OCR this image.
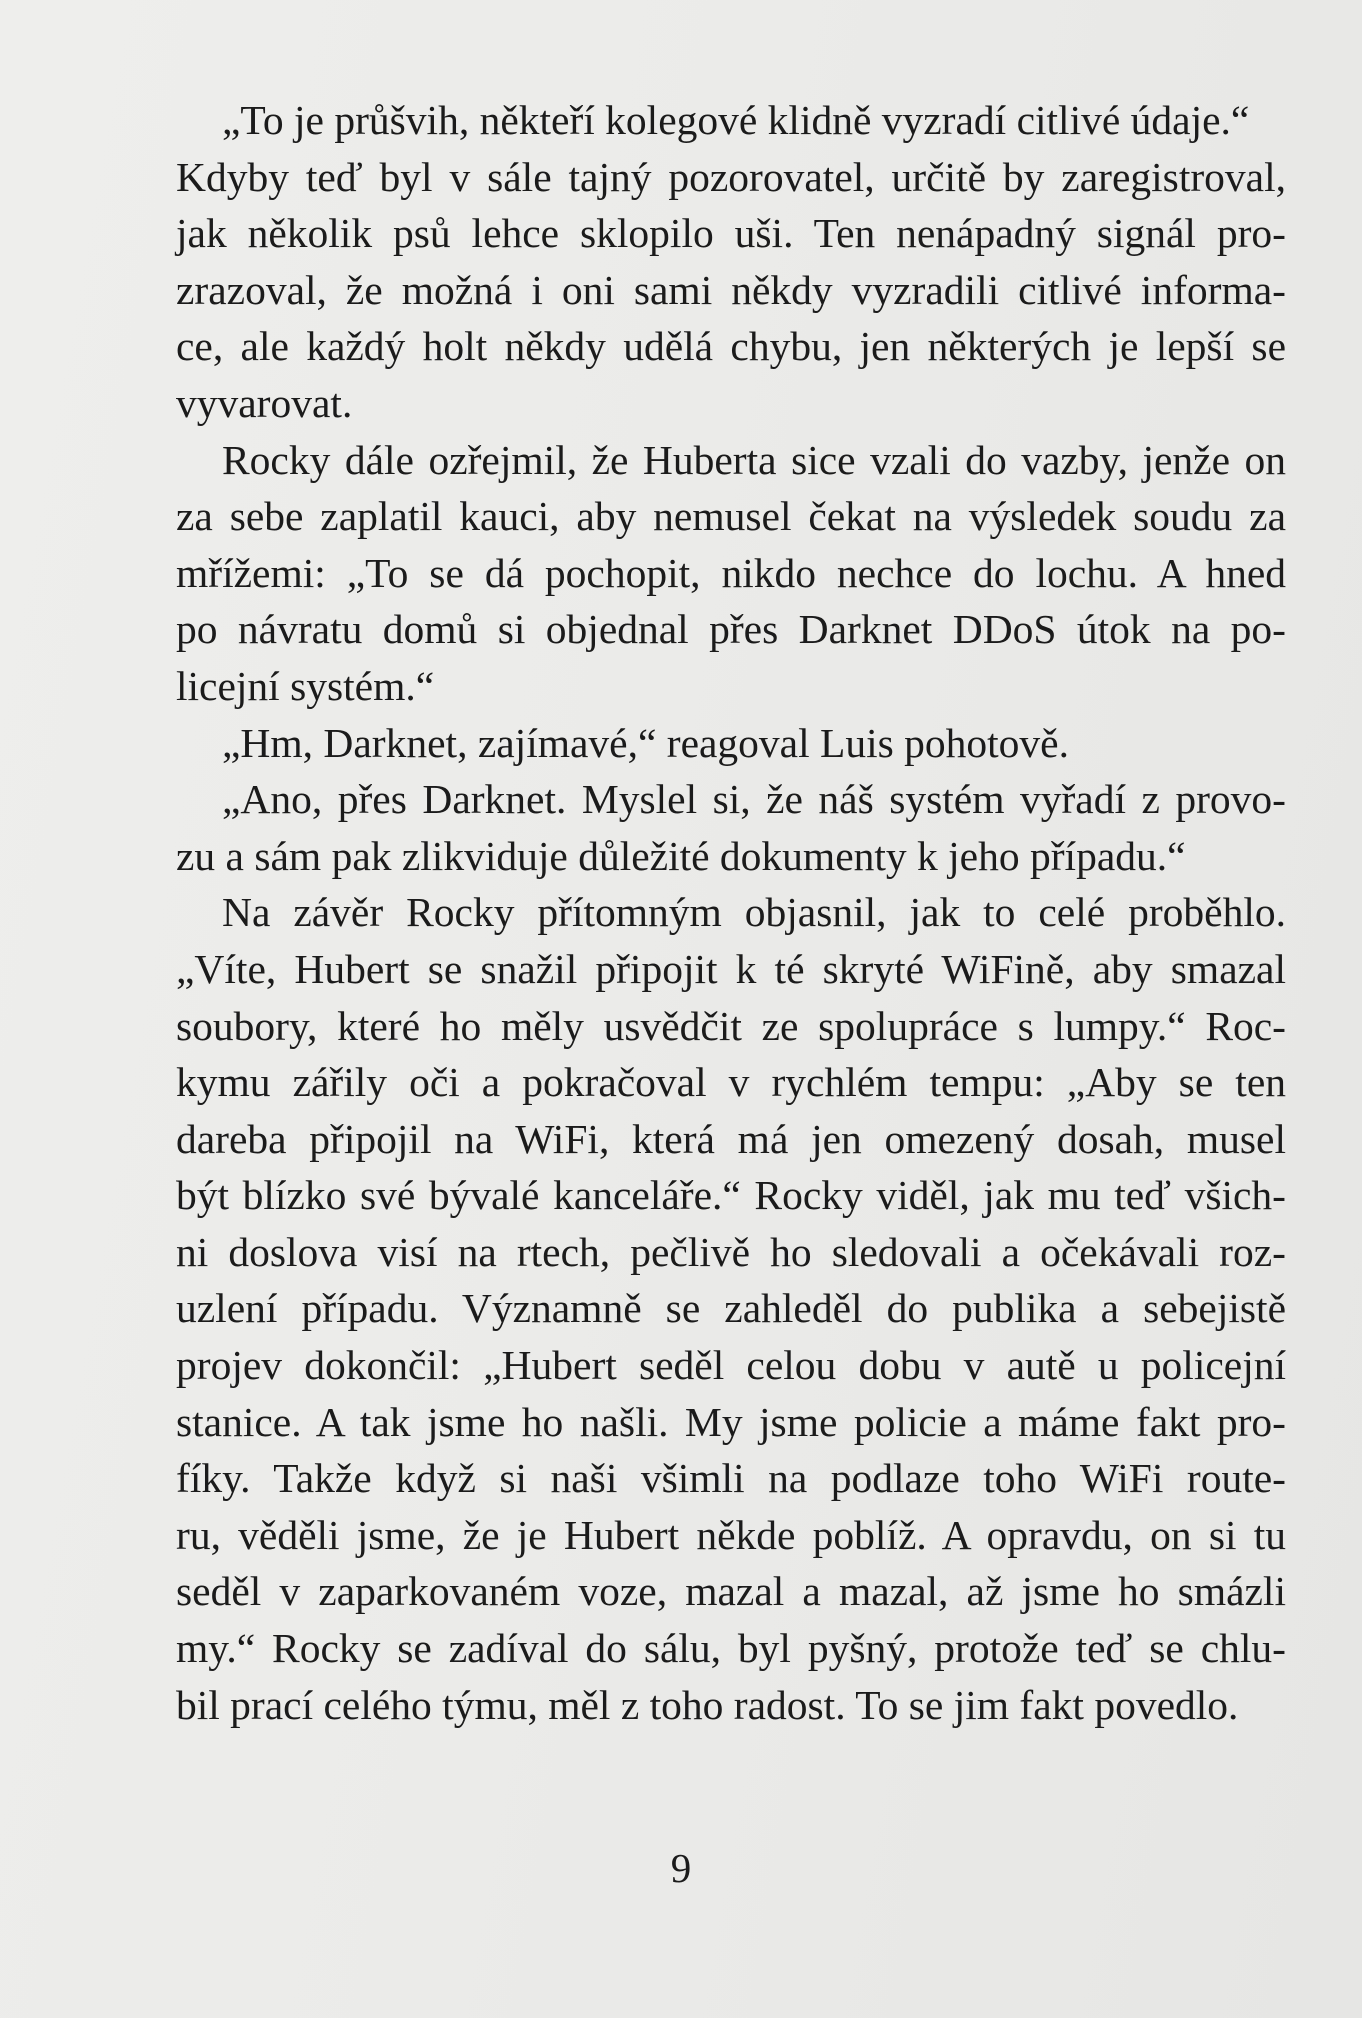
„To je průšvih, někteří kolegové klidně vyzradí citlivé údaje.“
Kdyby teď byl v sále tajný pozorovatel, určitě by zaregistroval,
jak několik psů lehce sklopilo uši. Ten nenápadný signál pro-
zrazoval, že možná i oni sami někdy vyzradili citlivé informa-
ce, ale každý holt někdy udělá chybu, jen některých je lepší se
vyvarovat.
Rocky dále ozřejmil, že Huberta sice vzali do vazby, jenže on
za sebe zaplatil kauci, aby nemusel čekat na výsledek soudu za
mřížemi: „To se dá pochopit, nikdo nechce do lochu. A hned
po návratu domů si objednal přes Darknet DDoS útok na po-
licejní systém.“
„Hm, Darknet, zajímavé,“ reagoval Luis pohotově.
„Ano, přes Darknet. Myslel si, že náš systém vyřadí z provo-
zu a sám pak zlikviduje důležité dokumenty k jeho případu.“
Na závěr Rocky přítomným objasnil, jak to celé proběhlo.
„Víte, Hubert se snažil připojit k té skryté WiFině, aby smazal
soubory, které ho měly usvědčit ze spolupráce s lumpy.“ Roc-
kymu zářily oči a pokračoval v rychlém tempu: „Aby se ten
dareba připojil na WiFi, která má jen omezený dosah, musel
být blízko své bývalé kanceláře.“ Rocky viděl, jak mu teď všich-
ni doslova visí na rtech, pečlivě ho sledovali a očekávali roz-
uzlení případu. Významně se zahleděl do publika a sebejistě
projev dokončil: „Hubert seděl celou dobu v autě u policejní
stanice. A tak jsme ho našli. My jsme policie a máme fakt pro-
fíky. Takže když si naši všimli na podlaze toho WiFi route-
ru, věděli jsme, že je Hubert někde poblíž. A opravdu, on si tu
seděl v zaparkovaném voze, mazal a mazal, až jsme ho smázli
my.“ Rocky se zadíval do sálu, byl pyšný, protože teď se chlu-
bil prací celého týmu, měl z toho radost. To se jim fakt povedlo.
9
